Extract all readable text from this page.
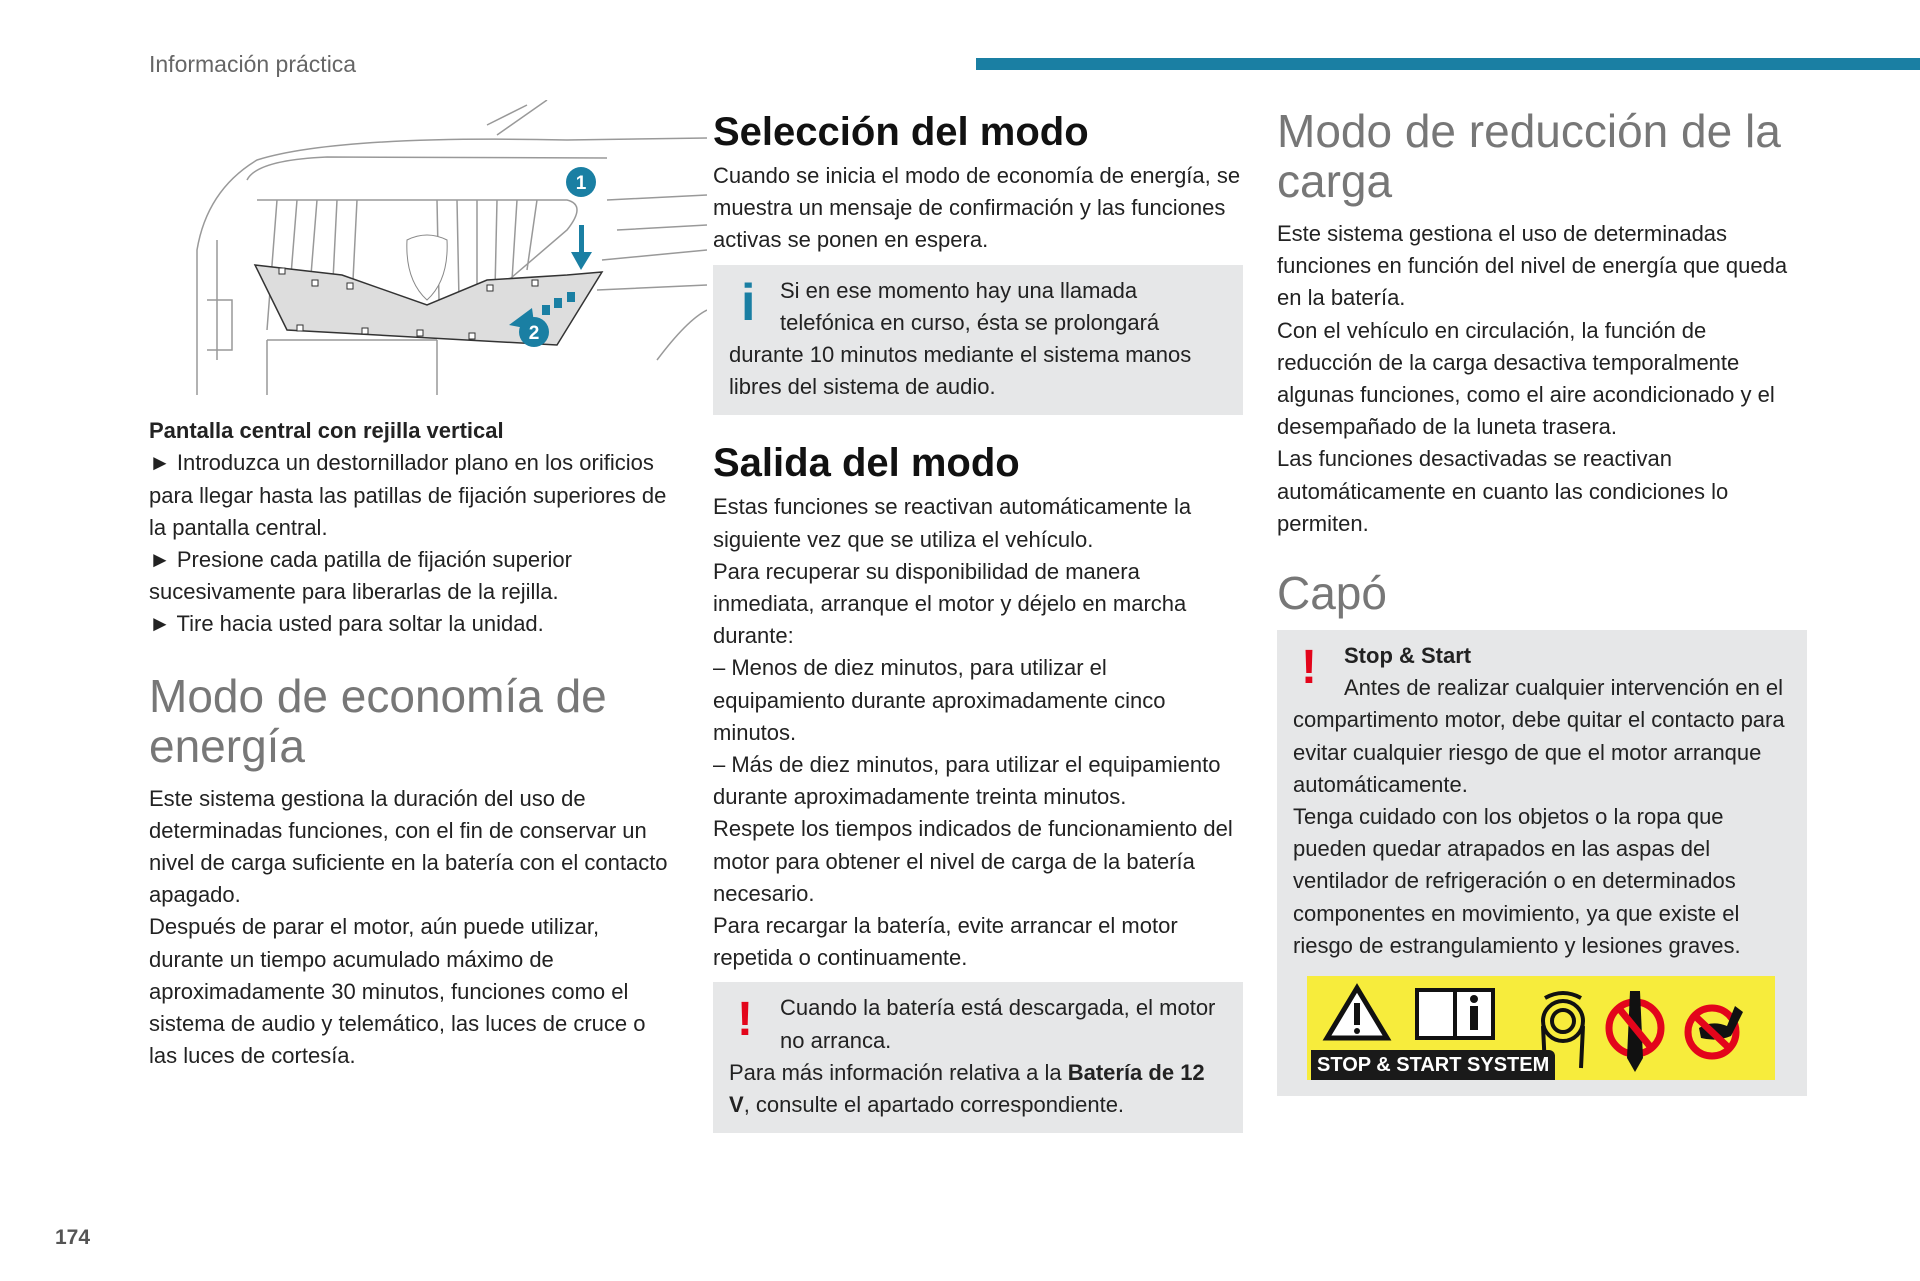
Información práctica
174
1
2

Pantalla central con rejilla vertical

► Introduzca un destornillador plano en los orificios para llegar hasta las patillas de fijación superiores de la pantalla central.

► Presione cada patilla de fijación superior sucesivamente para liberarlas de la rejilla.

► Tire hacia usted para soltar la unidad.

Modo de economía de energía

Este sistema gestiona la duración del uso de determinadas funciones, con el fin de conservar un nivel de carga suficiente en la batería con el contacto apagado.

Después de parar el motor, aún puede utilizar, durante un tiempo acumulado máximo de aproximadamente 30 minutos, funciones como el sistema de audio y telemático, las luces de cruce o las luces de cortesía.

Selección del modo

Cuando se inicia el modo de economía de energía, se muestra un mensaje de confirmación y las funciones activas se ponen en espera.

i	Si en ese momento hay una llamada telefónica en curso, ésta se prolongará durante 10 minutos mediante el sistema manos libres del sistema de audio.

Salida del modo

Estas funciones se reactivan automáticamente la siguiente vez que se utiliza el vehículo.

Para recuperar su disponibilidad de manera inmediata, arranque el motor y déjelo en marcha durante:

– Menos de diez minutos, para utilizar el equipamiento durante aproximadamente cinco minutos.

– Más de diez minutos, para utilizar el equipamiento durante aproximadamente treinta minutos.

Respete los tiempos indicados de funcionamiento del motor para obtener el nivel de carga de la batería necesario.

Para recargar la batería, evite arrancar el motor repetida o continuamente.

!	Cuando la batería está descargada, el motor no arranca.

Para más información relativa a la Batería de 12 V, consulte el apartado correspondiente.

Modo de reducción de la carga

Este sistema gestiona el uso de determinadas funciones en función del nivel de energía que queda en la batería.

Con el vehículo en circulación, la función de reducción de la carga desactiva temporalmente algunas funciones, como el aire acondicionado y el desempañado de la luneta trasera.

Las funciones desactivadas se reactivan automáticamente en cuanto las condiciones lo permiten.

Capó
!	Stop & Start

Antes de realizar cualquier intervención en el compartimento motor, debe quitar el contacto para evitar cualquier riesgo de que el motor arranque automáticamente.

Tenga cuidado con los objetos o la ropa que pueden quedar atrapados en las aspas del ventilador de refrigeración o en determinados componentes en movimiento, ya que existe el riesgo de estrangulamiento y lesiones graves.

STOP & START SYSTEM
